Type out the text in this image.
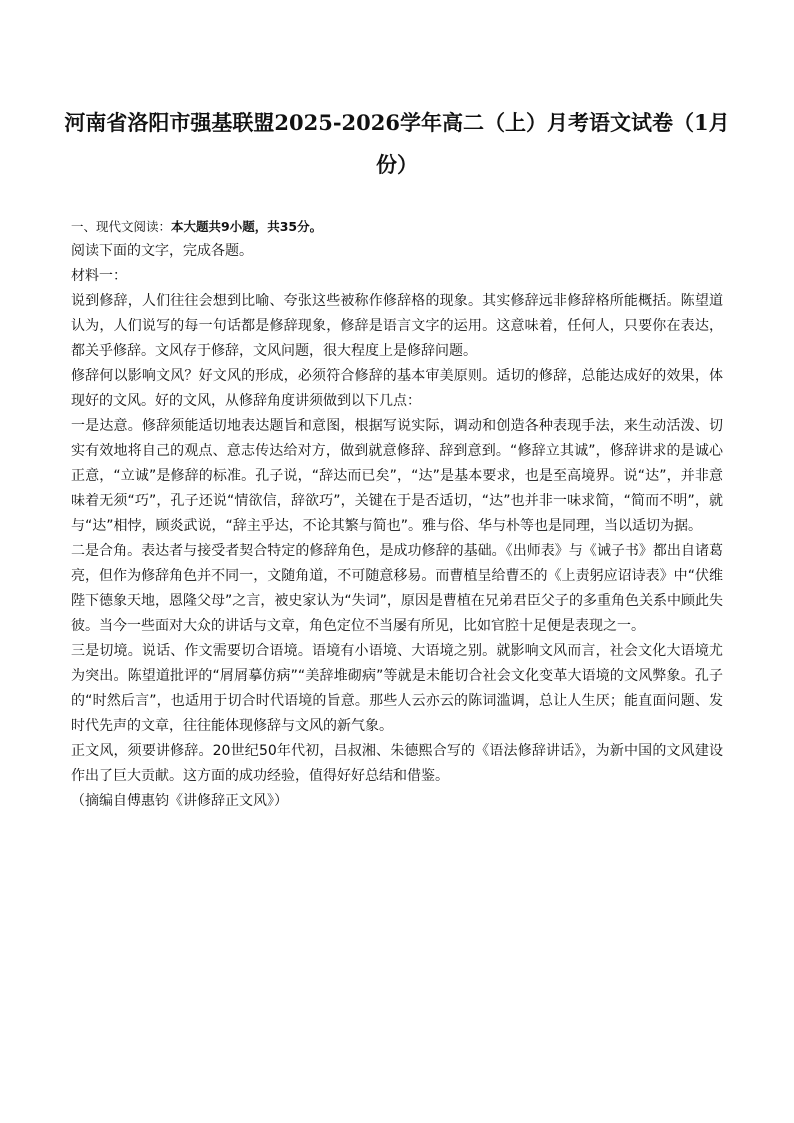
河南省洛阳市强基联盟2025-2026学年高二（上）月考语文试卷（1月份）
一、现代文阅读：本大题共9小题，共35分。

阅读下面的文字，完成各题。

材料一：

说到修辞，人们往往会想到比喻、夸张这些被称作修辞格的现象。其实修辞远非修辞格所能概括。陈望道认为，人们说写的每一句话都是修辞现象，修辞是语言文字的运用。这意味着，任何人，只要你在表达，都关乎修辞。文风存于修辞，文风问题，很大程度上是修辞问题。

修辞何以影响文风？好文风的形成，必须符合修辞的基本审美原则。适切的修辞，总能达成好的效果，体现好的文风。好的文风，从修辞角度讲须做到以下几点：

一是达意。修辞须能适切地表达题旨和意图，根据写说实际，调动和创造各种表现手法，来生动活泼、切实有效地将自己的观点、意志传达给对方，做到就意修辞、辞到意到。“修辞立其诚”，修辞讲求的是诚心正意，“立诚”是修辞的标准。孔子说，“辞达而已矣”，“达”是基本要求，也是至高境界。说“达”，并非意味着无须“巧”，孔子还说“情欲信，辞欲巧”，关键在于是否适切，“达”也并非一味求简，“简而不明”，就与“达”相悖，顾炎武说，“辞主乎达，不论其繁与简也”。雅与俗、华与朴等也是同理，当以适切为据。

二是合角。表达者与接受者契合特定的修辞角色，是成功修辞的基础。《出师表》与《诫子书》都出自诸葛亮，但作为修辞角色并不同一，文随角道，不可随意移易。而曹植呈给曹丕的《上责躬应诏诗表》中“伏维陛下德象天地，恩隆父母”之言，被史家认为“失词”，原因是曹植在兄弟君臣父子的多重角色关系中顾此失彼。当今一些面对大众的讲话与文章，角色定位不当屡有所见，比如官腔十足便是表现之一。

三是切境。说话、作文需要切合语境。语境有小语境、大语境之别。就影响文风而言，社会文化大语境尤为突出。陈望道批评的“屑屑摹仿病”“美辞堆砌病”等就是未能切合社会文化变革大语境的文风弊象。孔子的“时然后言”，也适用于切合时代语境的旨意。那些人云亦云的陈词滥调，总让人生厌；能直面问题、发时代先声的文章，往往能体现修辞与文风的新气象。

正文风，须要讲修辞。20世纪50年代初，吕叔湘、朱德熙合写的《语法修辞讲话》，为新中国的文风建设作出了巨大贡献。这方面的成功经验，值得好好总结和借鉴。

（摘编自傅惠钧《讲修辞正文风》）
